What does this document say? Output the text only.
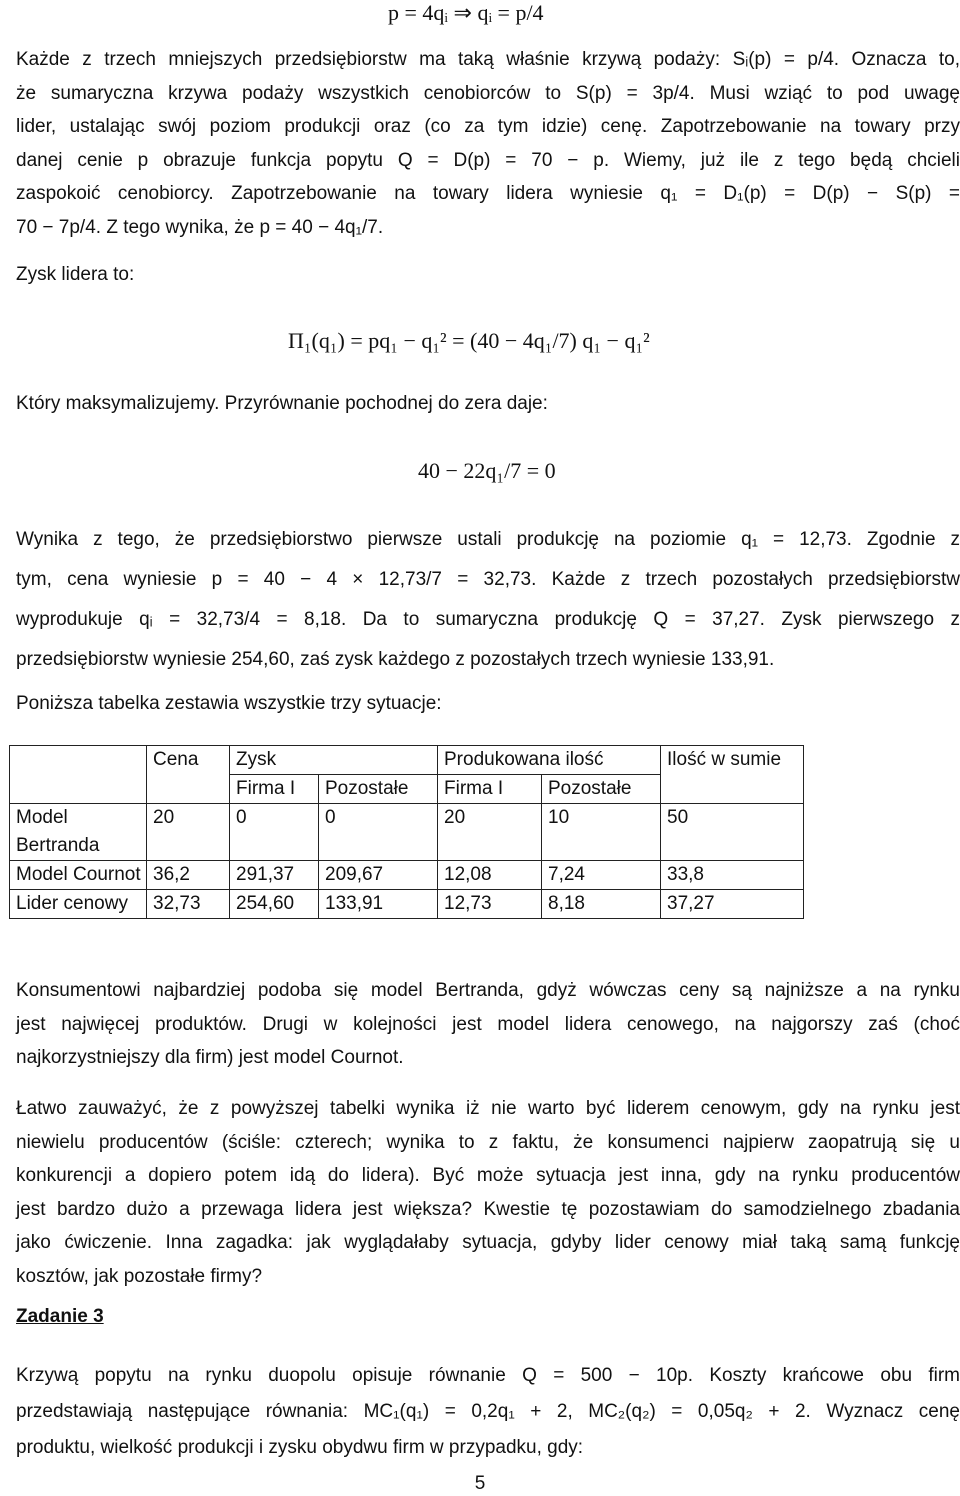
p = 4qᵢ ⇒ qᵢ = p/4
Każde z trzech mniejszych przedsiębiorstw ma taką właśnie krzywą podaży: Sᵢ(p) = p/4. Oznacza to,
że sumaryczna krzywa podaży wszystkich cenobiorców to S(p) = 3p/4. Musi wziąć to pod uwagę
lider, ustalając swój poziom produkcji oraz (co za tym idzie) cenę. Zapotrzebowanie na towary przy
danej cenie p obrazuje funkcja popytu Q = D(p) = 70 − p. Wiemy, już ile z tego będą chcieli
zaspokoić cenobiorcy. Zapotrzebowanie na towary lidera wyniesie q₁ = D₁(p) = D(p) − S(p) =
70 − 7p/4. Z tego wynika, że p = 40 − 4q₁/7.
Zysk lidera to:
Π₁(q₁) = pq₁ − q₁² = (40 − 4q₁/7) q₁ − q₁²
Który maksymalizujemy. Przyrównanie pochodnej do zera daje:
40 − 22q₁/7 = 0
Wynika z tego, że przedsiębiorstwo pierwsze ustali produkcję na poziomie q₁ = 12,73. Zgodnie z
tym, cena wyniesie p = 40 − 4 × 12,73/7 = 32,73. Każde z trzech pozostałych przedsiębiorstw
wyprodukuje qᵢ = 32,73/4 = 8,18. Da to sumaryczna produkcję Q = 37,27. Zysk pierwszego z
przedsiębiorstw wyniesie 254,60, zaś zysk każdego z pozostałych trzech wyniesie 133,91.
Poniższa tabelka zestawia wszystkie trzy sytuacje:
	Cena	Zysk		Produkowana ilość		Ilość w sumie
		Firma I	Pozostałe	Firma I	Pozostałe	
Model Bertranda	20	0	0	20	10	50
Model Cournot	36,2	291,37	209,67	12,08	7,24	33,8
Lider cenowy	32,73	254,60	133,91	12,73	8,18	37,27
Konsumentowi najbardziej podoba się model Bertranda, gdyż wówczas ceny są najniższe a na rynku
jest najwięcej produktów. Drugi w kolejności jest model lidera cenowego, na najgorszy zaś (choć
najkorzystniejszy dla firm) jest model Cournot.
Łatwo zauważyć, że z powyższej tabelki wynika iż nie warto być liderem cenowym, gdy na rynku jest
niewielu producentów (ściśle: czterech; wynika to z faktu, że konsumenci najpierw zaopatrują się u
konkurencji a dopiero potem idą do lidera). Być może sytuacja jest inna, gdy na rynku producentów
jest bardzo dużo a przewaga lidera jest większa? Kwestie tę pozostawiam do samodzielnego zbadania
jako ćwiczenie. Inna zagadka: jak wyglądałaby sytuacja, gdyby lider cenowy miał taką samą funkcję
kosztów, jak pozostałe firmy?
Zadanie 3
Krzywą popytu na rynku duopolu opisuje równanie Q = 500 − 10p. Koszty krańcowe obu firm
przedstawiają następujące równania: MC₁(q₁) = 0,2q₁ + 2, MC₂(q₂) = 0,05q₂ + 2. Wyznacz cenę
produktu, wielkość produkcji i zysku obydwu firm w przypadku, gdy:
5
